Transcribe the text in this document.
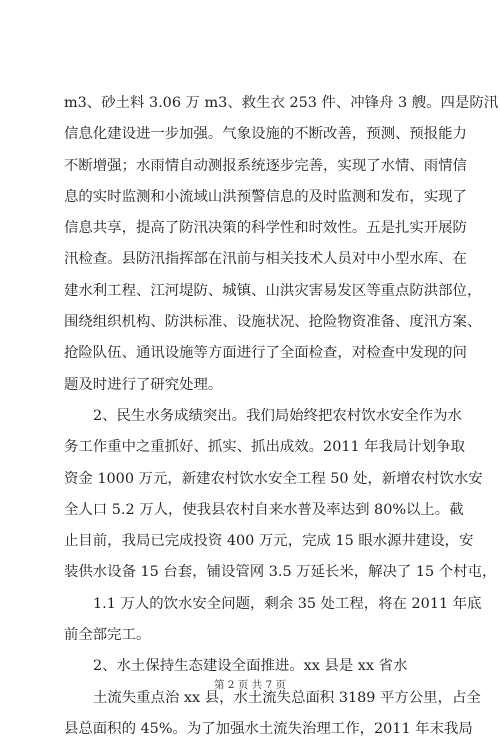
m3、砂土料 3.06 万 m3、救生衣 253 件、冲锋舟 3 艘。四是防汛
信息化建设进一步加强。气象设施的不断改善，预测、预报能力
不断增强；水雨情自动测报系统逐步完善，实现了水情、雨情信
息的实时监测和小流域山洪预警信息的及时监测和发布，实现了
信息共享，提高了防汛决策的科学性和时效性。五是扎实开展防
汛检查。县防汛指挥部在汛前与相关技术人员对中小型水库、在
建水利工程、江河堤防、城镇、山洪灾害易发区等重点防洪部位，
围绕组织机构、防洪标准、设施状况、抢险物资准备、度汛方案、
抢险队伍、通讯设施等方面进行了全面检查，对检查中发现的问
题及时进行了研究处理。
2、民生水务成绩突出。我们局始终把农村饮水安全作为水
务工作重中之重抓好、抓实、抓出成效。2011 年我局计划争取
资金 1000 万元，新建农村饮水安全工程 50 处，新增农村饮水安
全人口 5.2 万人，使我县农村自来水普及率达到 80%以上。截
止目前，我局已完成投资 400 万元，完成 15 眼水源井建设，安
装供水设备 15 台套，铺设管网 3.5 万延长米，解决了 15 个村屯，
1.1 万人的饮水安全问题，剩余 35 处工程，将在 2011 年底
前全部完工。
2、水土保持生态建设全面推进。xx 县是 xx 省水
土流失重点治 xx 县，水土流失总面积 3189 平方公里，占全
县总面积的 45%。为了加强水土流失治理工作，2011 年末我局
第 2 页 共 7 页
